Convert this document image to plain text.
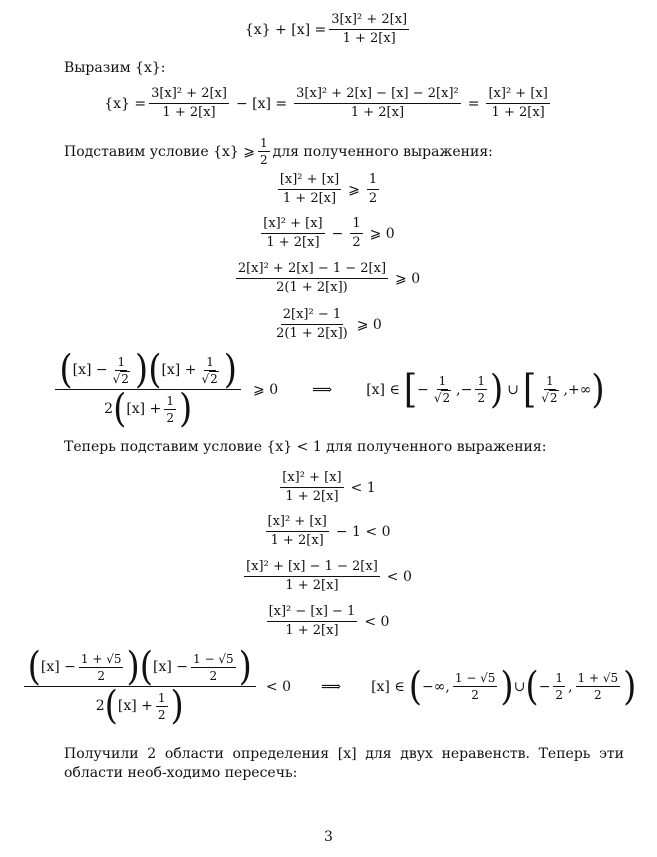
$\{x\} + [x] = \frac{\text{3[x]² + 2[x]}}{1 + 2[x]}$
Выразим {x}:
$\{x\} = \frac{\text{3[x]² + 2[x]}}{1 + 2[x]} - [x] = \frac{\text{3[x]² + 2[x] − [x] − 2[x]²}}{1 + 2[x]} = \frac{\text{[x]² + [x]}}{1 + 2[x]}$
Подставим условие {x} ⩾ $\frac{1}{2}$ для полученного выражения:
$\frac{\text{[x]² + [x]}}{1 + 2[x]}$ ⩾ $\frac{1}{2}$
$\frac{\text{[x]² + [x]}}{1 + 2[x]} - \frac{1}{2}$ ⩾ 0
$\frac{\text{2[x]² + 2[x] − 1 − 2[x]}}{2(1 + 2[x])}$ ⩾ 0
$\frac{\text{2[x]² − 1}}{2(1 + 2[x])}$ ⩾ 0
$\frac{( [x] - \frac{1}{√2} ) ( [x] + \frac{1}{√2} )}{2 ( [x] + \frac{1}{2} )}$ ⩾ 0 ⟹ [x] ∈ [ − $\frac{1}{√2}$ , − $\frac{1}{2}$ ) ∪ [ $\frac{1}{√2}$ , +∞ )
Теперь подставим условие {x} < 1 для полученного выражения:
$\frac{\text{[x]² + [x]}}{1 + 2[x]} < 1$
$\frac{\text{[x]² + [x]}}{1 + 2[x]} - 1 < 0$
$\frac{\text{[x]² + [x] − 1 − 2[x]}}{1 + 2[x]} < 0$
$\frac{\text{[x]² − [x] − 1}}{1 + 2[x]} < 0$
( $[x] - \frac{1 + √5}{2}$ ) ( $[x] - \frac{1 - √5}{2}$ )
2 ( $[x] + \frac{1}{2}$ )	< 0 ⟹ [x] ∈ ( −∞, $\frac{1 - √5}{2}$ ) ∪ ( − $\frac{1}{2}$ , $\frac{1 + √5}{2}$ )
Получили 2 области определения [x] для двух неравенств. Теперь эти области необ-ходимо пересечь:
3
